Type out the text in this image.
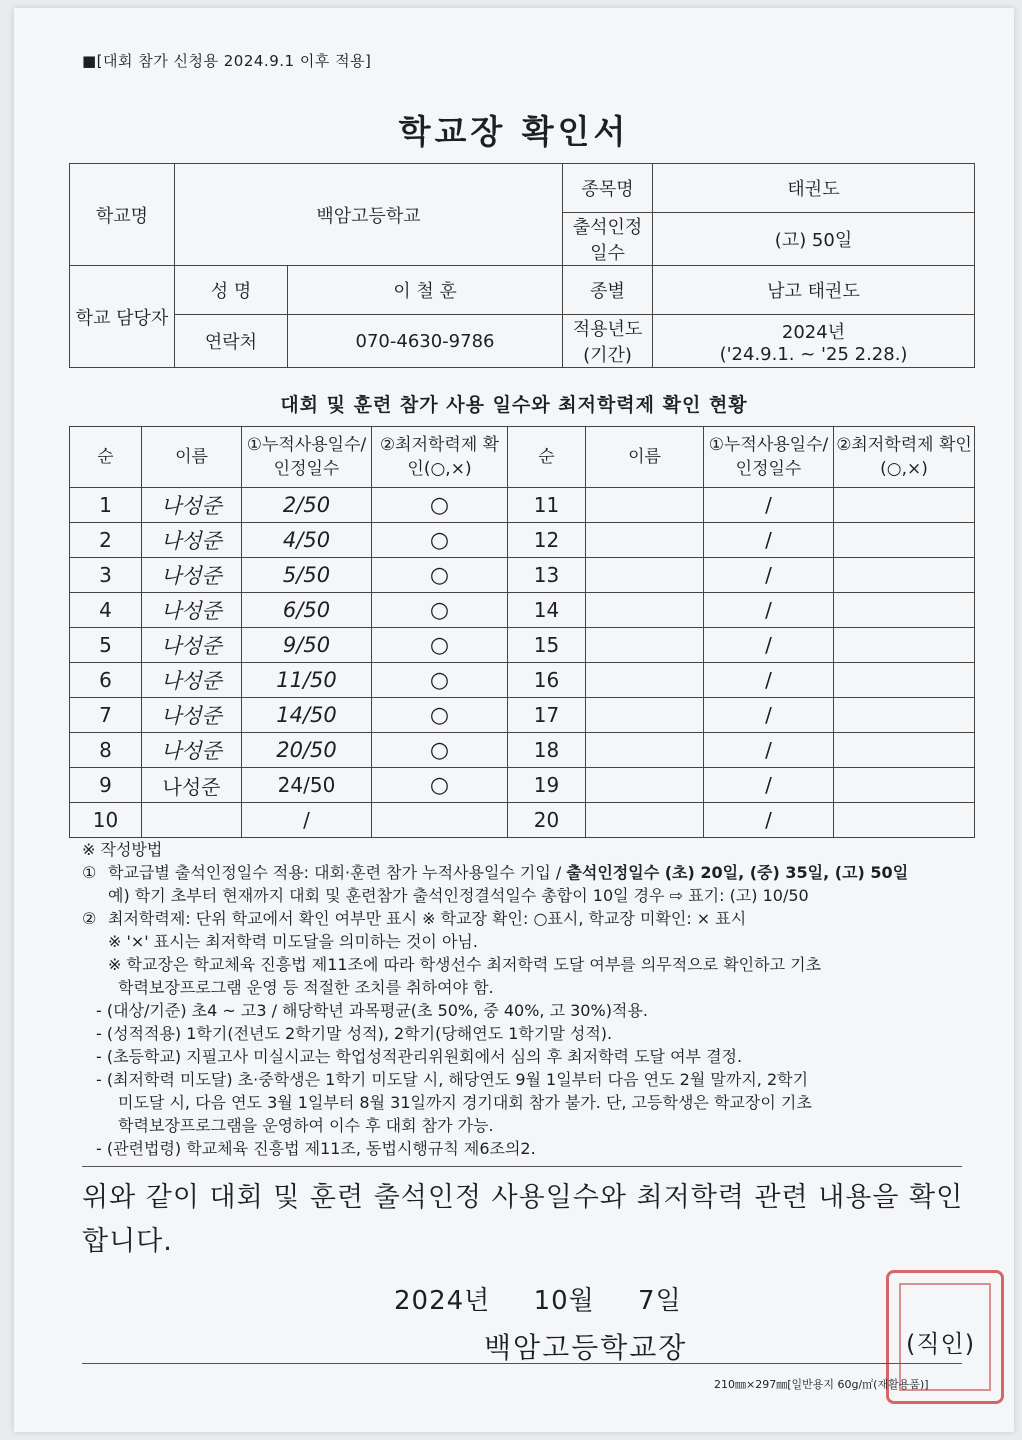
■[대회 참가 신청용 2024.9.1 이후 적용]
학교장 확인서
학교명	백암고등학교		종목명	태권도
			출석인정 일수	(고) 50일
학교 담당자	성 명	이 철 훈	종별	남고 태권도
	연락처	070-4630-9786	적용년도 (기간)	2024년
('24.9.1. ~ '25 2.28.)
대회 및 훈련 참가 사용 일수와 최저학력제 확인 현황
순	이름	①누적사용일수/인정일수	②최저학력제 확인(○,×)	순	이름	①누적사용일수/인정일수	②최저학력제 확인(○,×)
1	나성준	2/50	○	11		/	
2	나성준	4/50	○	12		/	
3	나성준	5/50	○	13		/	
4	나성준	6/50	○	14		/	
5	나성준	9/50	○	15		/	
6	나성준	11/50	○	16		/	
7	나성준	14/50	○	17		/	
8	나성준	20/50	○	18		/	
9	나성준	24/50	○	19		/	
10		/		20		/	
※ 작성방법
① 학교급별 출석인정일수 적용: 대회·훈련 참가 누적사용일수 기입 / 출석인정일수 (초) 20일, (중) 35일, (고) 50일
예) 학기 초부터 현재까지 대회 및 훈련참가 출석인정결석일수 총합이 10일 경우 ⇨ 표기: (고) 10/50
② 최저학력제: 단위 학교에서 확인 여부만 표시 ※ 학교장 확인: ○표시, 학교장 미확인: × 표시
※ '×' 표시는 최저학력 미도달을 의미하는 것이 아님.
※ 학교장은 학교체육 진흥법 제11조에 따라 학생선수 최저학력 도달 여부를 의무적으로 확인하고 기초
학력보장프로그램 운영 등 적절한 조치를 취하여야 함.
- (대상/기준) 초4 ~ 고3 / 해당학년 과목평균(초 50%, 중 40%, 고 30%)적용.
- (성적적용) 1학기(전년도 2학기말 성적), 2학기(당해연도 1학기말 성적).
- (초등학교) 지필고사 미실시교는 학업성적관리위원회에서 심의 후 최저학력 도달 여부 결정.
- (최저학력 미도달) 초·중학생은 1학기 미도달 시, 해당연도 9월 1일부터 다음 연도 2월 말까지, 2학기
미도달 시, 다음 연도 3월 1일부터 8월 31일까지 경기대회 참가 불가. 단, 고등학생은 학교장이 기초
학력보장프로그램을 운영하여 이수 후 대회 참가 가능.
- (관련법령) 학교체육 진흥법 제11조, 동법시행규칙 제6조의2.
위와 같이 대회 및 훈련 출석인정 사용일수와 최저학력 관련 내용을 확인합니다.
2024년 10월 7일
백암고등학교장	(직인)
210㎜×297㎜[일반용지 60g/㎡(재활용품)]
